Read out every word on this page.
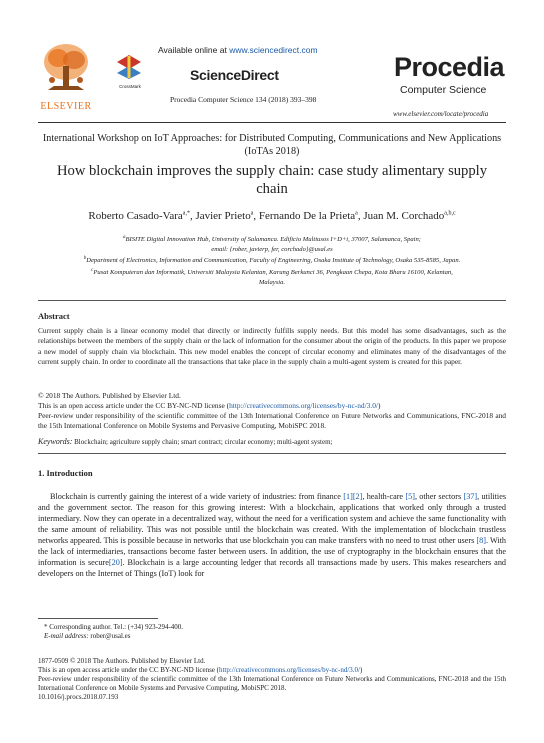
ELSEVIER
Available online at www.sciencedirect.com
CrossMark
ScienceDirect
Procedia Computer Science 134 (2018) 393–398
Procedia
Computer Science
www.elsevier.com/locate/procedia
International Workshop on IoT Approaches: for Distributed Computing, Communications and New Applications (IoTAs 2018)
How blockchain improves the supply chain: case study alimentary supply chain
Roberto Casado-Vara$^{a,*}$, Javier Prieto$^a$, Fernando De la Prieta$^a$, Juan M. Corchado$^{a,b,c}$
$^a$BISITE Digital Innovation Hub, University of Salamanca. Edificio Multiusos I+D+i, 37007, Salamanca, Spain;
email: {rober, javierp, fer, corchado}@usal.es
$^b$Department of Electronics, Information and Communication, Faculty of Engineering, Osaka Institute of Technology, Osaka 535-8585, Japan.
$^c$Pusat Komputeran dan Informatik, Universiti Malaysia Kelantan, Karung Berkunci 36, Pengkaan Chepa, Kota Bharu 16100, Kelantan,
Malaysia.
Abstract
Current supply chain is a linear economy model that directly or indirectly fulfills supply needs. But this model has some disadvantages, such as the relationships between the members of the supply chain or the lack of information for the consumer about the origin of the products. In this paper we propose a new model of supply chain via blockchain. This new model enables the concept of circular economy and eliminates many of the disadvantages of the current supply chain. In order to coordinate all the transactions that take place in the supply chain a multi-agent system is created for this paper.
© 2018 The Authors. Published by Elsevier Ltd.
This is an open access article under the CC BY-NC-ND license (http://creativecommons.org/licenses/by-nc-nd/3.0/)
Peer-review under responsibility of the scientific committee of the 13th International Conference on Future Networks and Communications, FNC-2018 and the 15th International Conference on Mobile Systems and Pervasive Computing, MobiSPC 2018.
Keywords: Blockchain; agriculture supply chain; smart contract; circular economy; multi-agent system;
1. Introduction
Blockchain is currently gaining the interest of a wide variety of industries: from finance [1][2], health-care [5], other sectors [37], utilities and the government sector. The reason for this growing interest: With a blockchain, applications that worked only through a trusted intermediary. Now they can operate in a decentralized way, without the need for a verification system and achieve the same functionality with the same amount of reliability. This was not possible until the blockchain was created. With the implementation of blockchain trustless networks appeared. This is possible because in networks that use blockchain you can make transfers with no need to trust other users [8]. With the lack of intermediaries, transactions become faster between users. In addition, the use of cryptography in the blockchain ensures that the information is secure[20]. Blockchain is a large accounting ledger that records all transactions made by users. This makes researchers and developers on the Internet of Things (IoT) look for
* Corresponding author. Tel.: (+34) 923-294-400.
E-mail address: rober@usal.es
1877-0509 © 2018 The Authors. Published by Elsevier Ltd.
This is an open access article under the CC BY-NC-ND license (http://creativecommons.org/licenses/by-nc-nd/3.0/)
Peer-review under responsibility of the scientific committee of the 13th International Conference on Future Networks and Communications, FNC-2018 and the 15th International Conference on Mobile Systems and Pervasive Computing, MobiSPC 2018.
10.1016/j.procs.2018.07.193
